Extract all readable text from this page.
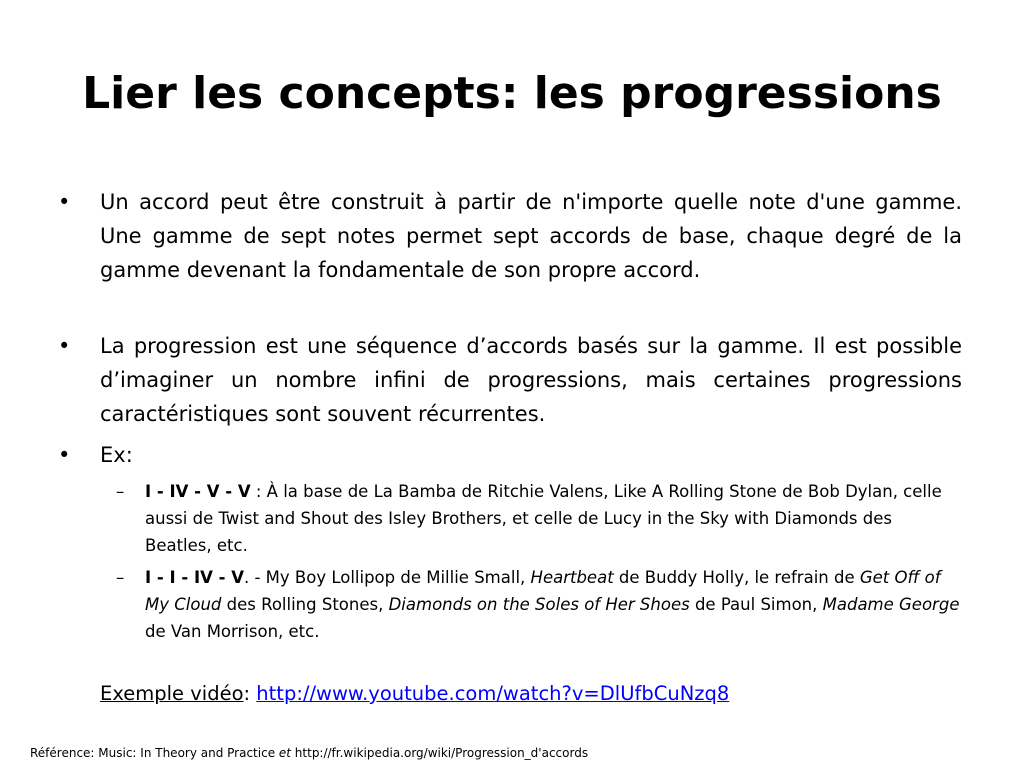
Lier les concepts: les progressions
• Un accord peut être construit à partir de n'importe quelle note d'une gamme. Une gamme de sept notes permet sept accords de base, chaque degré de la gamme devenant la fondamentale de son propre accord.
• La progression est une séquence d’accords basés sur la gamme. Il est possible d’imaginer un nombre infini de progressions, mais certaines progressions caractéristiques sont souvent récurrentes.
• Ex:
– I - IV - V - V : À la base de La Bamba de Ritchie Valens, Like A Rolling Stone de Bob Dylan, celle aussi de Twist and Shout des Isley Brothers, et celle de Lucy in the Sky with Diamonds des Beatles, etc.
– I - I - IV - V. - My Boy Lollipop de Millie Small, Heartbeat de Buddy Holly, le refrain de Get Off of My Cloud des Rolling Stones, Diamonds on the Soles of Her Shoes de Paul Simon, Madame George de Van Morrison, etc.
Exemple vidéo: http://www.youtube.com/watch?v=DlUfbCuNzq8
Référence: Music: In Theory and Practice et http://fr.wikipedia.org/wiki/Progression_d'accords
